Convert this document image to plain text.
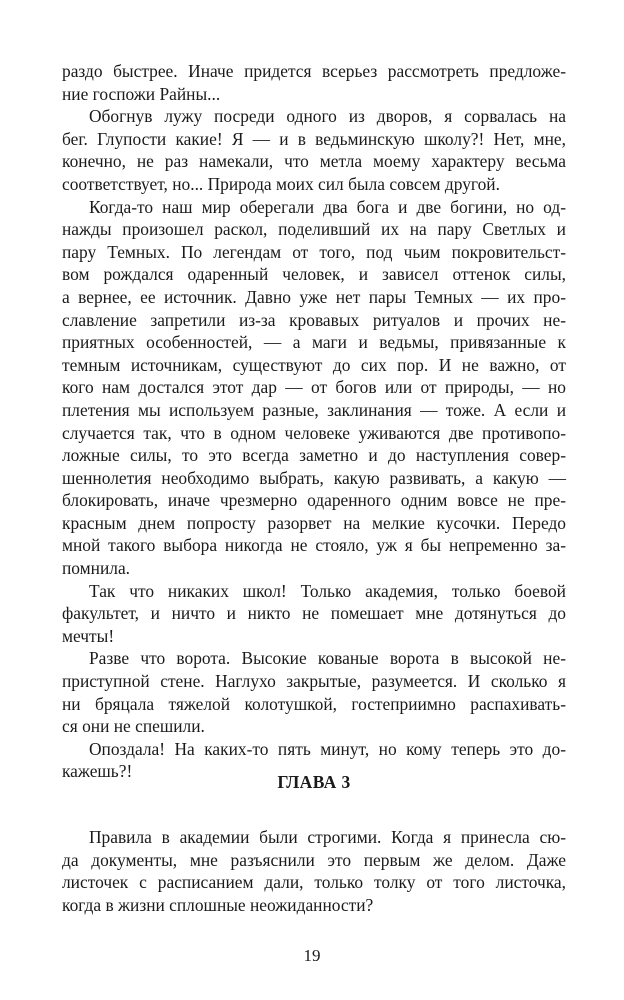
раздо быстрее. Иначе придется всерьез рассмотреть предложе-
ние госпожи Райны...
Обогнув лужу посреди одного из дворов, я сорвалась на
бег. Глупости какие! Я — и в ведьминскую школу?! Нет, мне,
конечно, не раз намекали, что метла моему характеру весьма
соответствует, но... Природа моих сил была совсем другой.
Когда-то наш мир оберегали два бога и две богини, но од-
нажды произошел раскол, поделивший их на пару Светлых и
пару Темных. По легендам от того, под чьим покровительст-
вом рождался одаренный человек, и зависел оттенок силы,
а вернее, ее источник. Давно уже нет пары Темных — их про-
славление запретили из-за кровавых ритуалов и прочих не-
приятных особенностей, — а маги и ведьмы, привязанные к
темным источникам, существуют до сих пор. И не важно, от
кого нам достался этот дар — от богов или от природы, — но
плетения мы используем разные, заклинания — тоже. А если и
случается так, что в одном человеке уживаются две противопо-
ложные силы, то это всегда заметно и до наступления совер-
шеннолетия необходимо выбрать, какую развивать, а какую —
блокировать, иначе чрезмерно одаренного одним вовсе не пре-
красным днем попросту разорвет на мелкие кусочки. Передо
мной такого выбора никогда не стояло, уж я бы непременно за-
помнила.
Так что никаких школ! Только академия, только боевой
факультет, и ничто и никто не помешает мне дотянуться до
мечты!
Разве что ворота. Высокие кованые ворота в высокой не-
приступной стене. Наглухо закрытые, разумеется. И сколько я
ни бряцала тяжелой колотушкой, гостеприимно распахивать-
ся они не спешили.
Опоздала! На каких-то пять минут, но кому теперь это до-
кажешь?!
ГЛАВА 3
Правила в академии были строгими. Когда я принесла сю-
да документы, мне разъяснили это первым же делом. Даже
листочек с расписанием дали, только толку от того листочка,
когда в жизни сплошные неожиданности?
19
